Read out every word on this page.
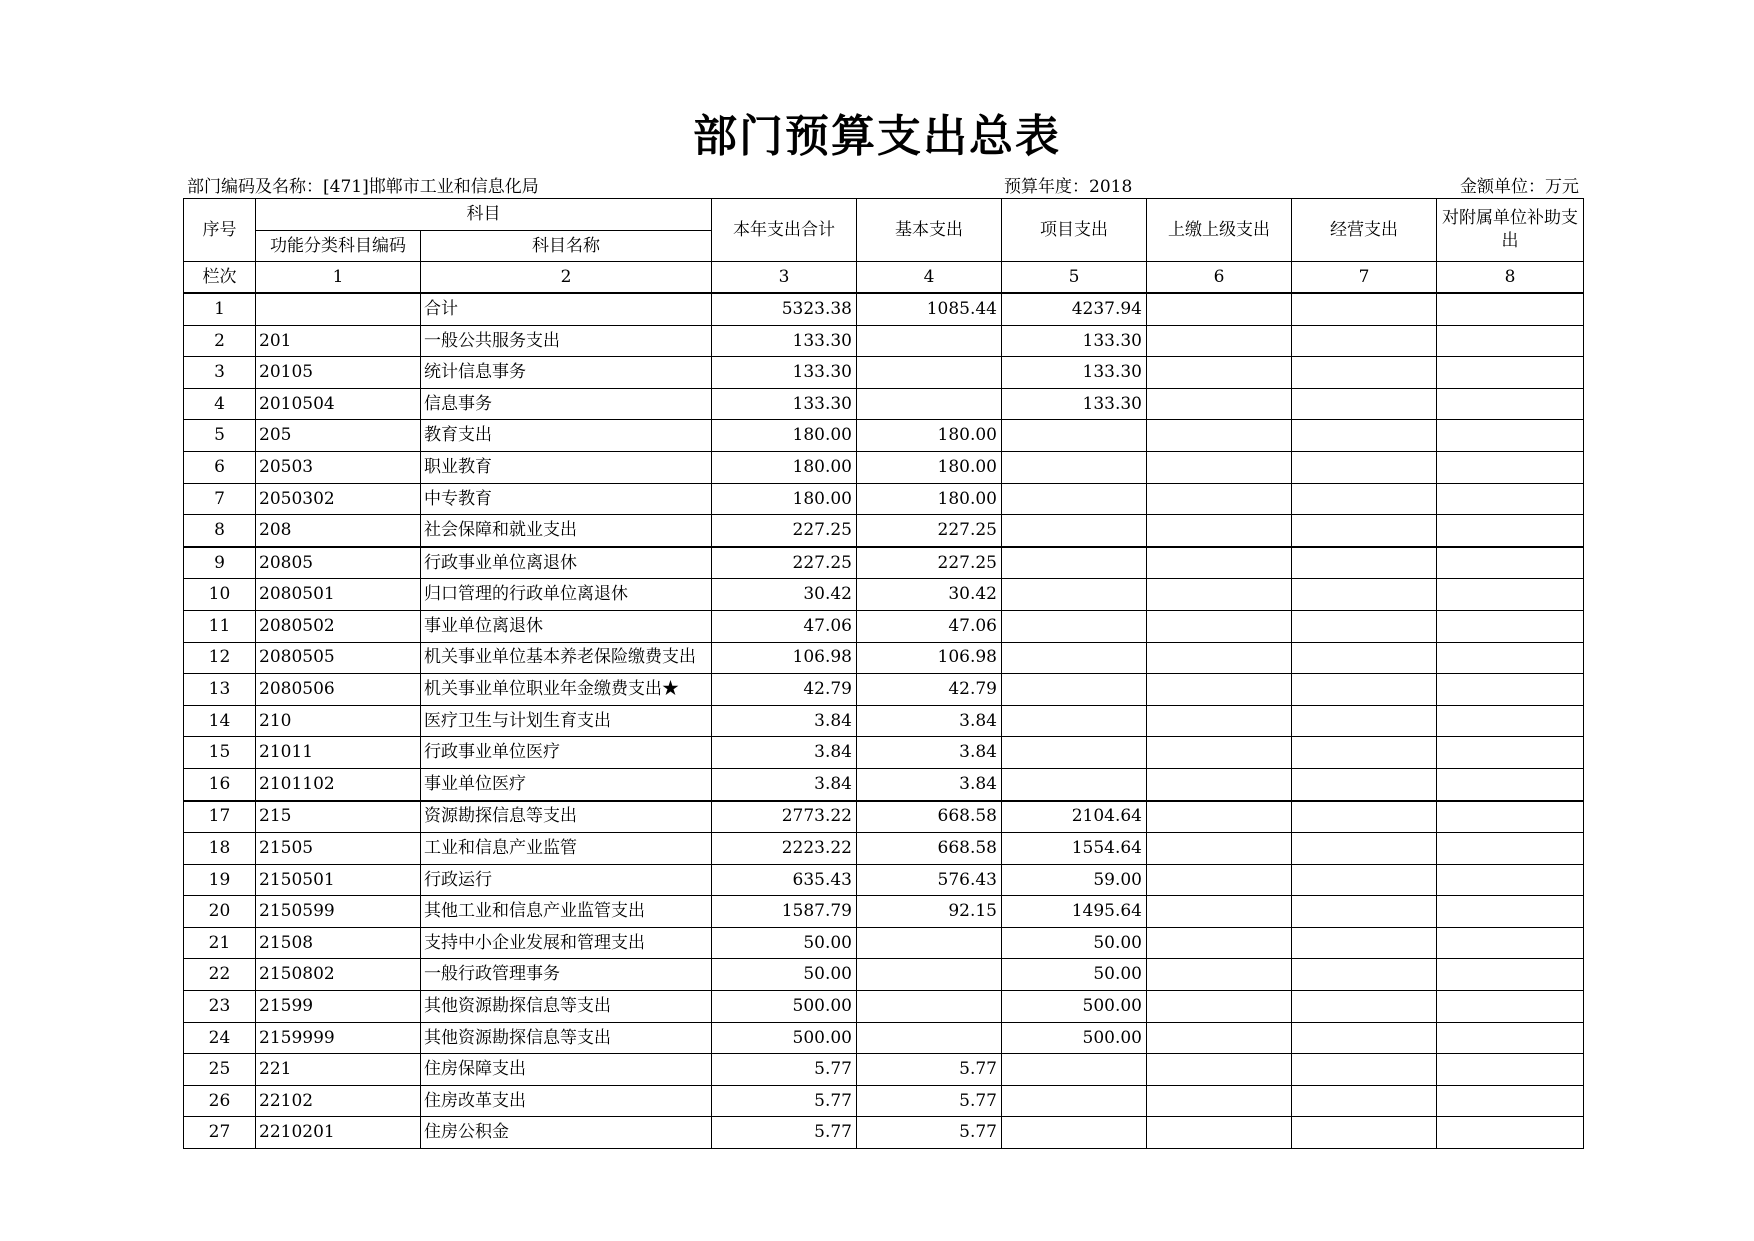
部门预算支出总表
部门编码及名称：[471]邯郸市工业和信息化局	预算年度：2018	金额单位：万元
序号	科目		本年支出合计	基本支出	项目支出	上缴上级支出	经营支出	对附属单位补助支出
	功能分类科目编码	科目名称						
栏次	1	2	3	4	5	6	7	8
1		合计	5323.38	1085.44	4237.94			
2	201	一般公共服务支出	133.30		133.30			
3	20105	统计信息事务	133.30		133.30			
4	2010504	信息事务	133.30		133.30			
5	205	教育支出	180.00	180.00				
6	20503	职业教育	180.00	180.00				
7	2050302	中专教育	180.00	180.00				
8	208	社会保障和就业支出	227.25	227.25				
9	20805	行政事业单位离退休	227.25	227.25				
10	2080501	归口管理的行政单位离退休	30.42	30.42				
11	2080502	事业单位离退休	47.06	47.06				
12	2080505	机关事业单位基本养老保险缴费支出	106.98	106.98				
13	2080506	机关事业单位职业年金缴费支出★	42.79	42.79				
14	210	医疗卫生与计划生育支出	3.84	3.84				
15	21011	行政事业单位医疗	3.84	3.84				
16	2101102	事业单位医疗	3.84	3.84				
17	215	资源勘探信息等支出	2773.22	668.58	2104.64			
18	21505	工业和信息产业监管	2223.22	668.58	1554.64			
19	2150501	行政运行	635.43	576.43	59.00			
20	2150599	其他工业和信息产业监管支出	1587.79	92.15	1495.64			
21	21508	支持中小企业发展和管理支出	50.00		50.00			
22	2150802	一般行政管理事务	50.00		50.00			
23	21599	其他资源勘探信息等支出	500.00		500.00			
24	2159999	其他资源勘探信息等支出	500.00		500.00			
25	221	住房保障支出	5.77	5.77				
26	22102	住房改革支出	5.77	5.77				
27	2210201	住房公积金	5.77	5.77				
